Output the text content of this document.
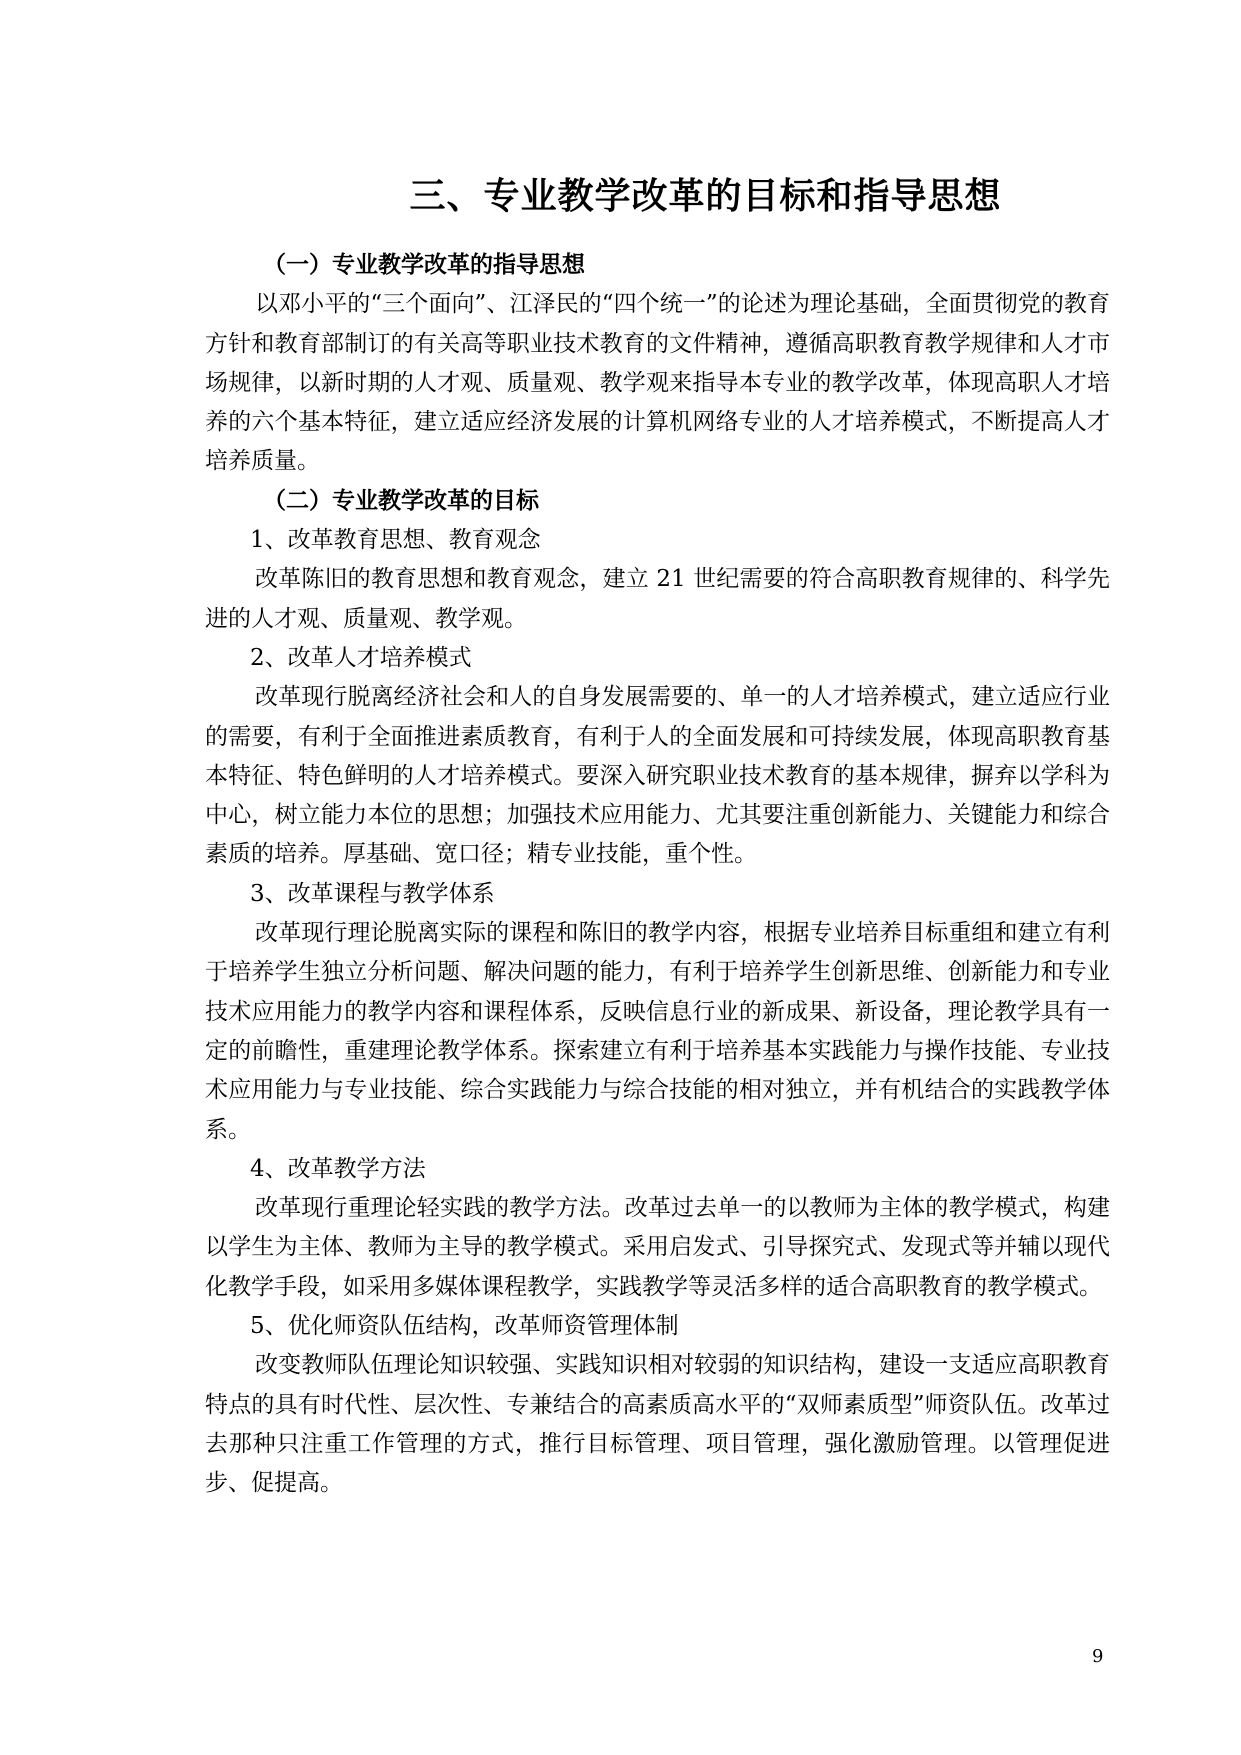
三、专业教学改革的目标和指导思想

（一）专业教学改革的指导思想

以邓小平的“三个面向”、江泽民的“四个统一”的论述为理论基础，全面贯彻党的教育方针和教育部制订的有关高等职业技术教育的文件精神，遵循高职教育教学规律和人才市场规律，以新时期的人才观、质量观、教学观来指导本专业的教学改革，体现高职人才培养的六个基本特征，建立适应经济发展的计算机网络专业的人才培养模式，不断提高人才培养质量。

（二）专业教学改革的目标

1、改革教育思想、教育观念

改革陈旧的教育思想和教育观念，建立 21 世纪需要的符合高职教育规律的、科学先进的人才观、质量观、教学观。

2、改革人才培养模式

改革现行脱离经济社会和人的自身发展需要的、单一的人才培养模式，建立适应行业的需要，有利于全面推进素质教育，有利于人的全面发展和可持续发展，体现高职教育基本特征、特色鲜明的人才培养模式。要深入研究职业技术教育的基本规律，摒弃以学科为中心，树立能力本位的思想；加强技术应用能力、尤其要注重创新能力、关键能力和综合素质的培养。厚基础、宽口径；精专业技能，重个性。

3、改革课程与教学体系

改革现行理论脱离实际的课程和陈旧的教学内容，根据专业培养目标重组和建立有利于培养学生独立分析问题、解决问题的能力，有利于培养学生创新思维、创新能力和专业技术应用能力的教学内容和课程体系，反映信息行业的新成果、新设备，理论教学具有一定的前瞻性，重建理论教学体系。探索建立有利于培养基本实践能力与操作技能、专业技术应用能力与专业技能、综合实践能力与综合技能的相对独立，并有机结合的实践教学体系。

4、改革教学方法

改革现行重理论轻实践的教学方法。改革过去单一的以教师为主体的教学模式，构建以学生为主体、教师为主导的教学模式。采用启发式、引导探究式、发现式等并辅以现代化教学手段，如采用多媒体课程教学，实践教学等灵活多样的适合高职教育的教学模式。

5、优化师资队伍结构，改革师资管理体制

改变教师队伍理论知识较强、实践知识相对较弱的知识结构，建设一支适应高职教育特点的具有时代性、层次性、专兼结合的高素质高水平的“双师素质型”师资队伍。改革过去那种只注重工作管理的方式，推行目标管理、项目管理，强化激励管理。以管理促进步、促提高。

9
